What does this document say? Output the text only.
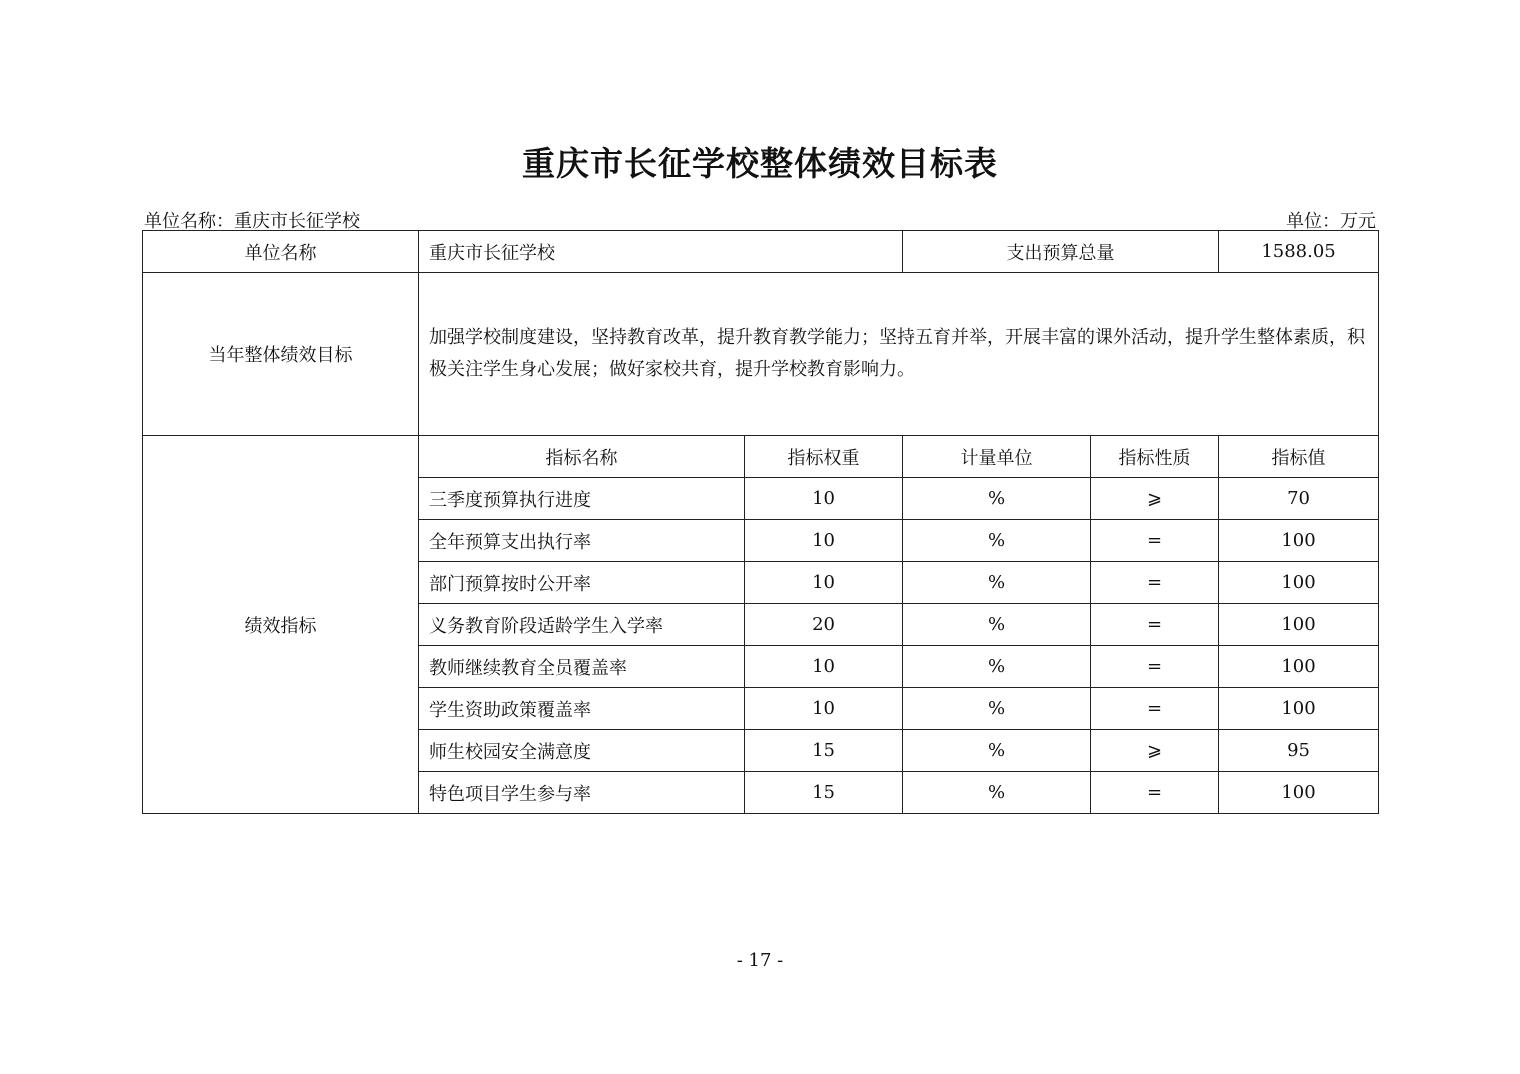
重庆市长征学校整体绩效目标表
单位名称：重庆市长征学校	单位：万元
单位名称	重庆市长征学校		支出预算总量		1588.05
当年整体绩效目标	加强学校制度建设，坚持教育改革，提升教育教学能力；坚持五育并举，开展丰富的课外活动，提升学生整体素质，积极关注学生身心发展；做好家校共育，提升学校教育影响力。				
绩效指标	指标名称	指标权重	计量单位	指标性质	指标值
	三季度预算执行进度	10	%	⩾	70
	全年预算支出执行率	10	%	=	100
	部门预算按时公开率	10	%	=	100
	义务教育阶段适龄学生入学率	20	%	=	100
	教师继续教育全员覆盖率	10	%	=	100
	学生资助政策覆盖率	10	%	=	100
	师生校园安全满意度	15	%	⩾	95
	特色项目学生参与率	15	%	=	100
- 17 -
